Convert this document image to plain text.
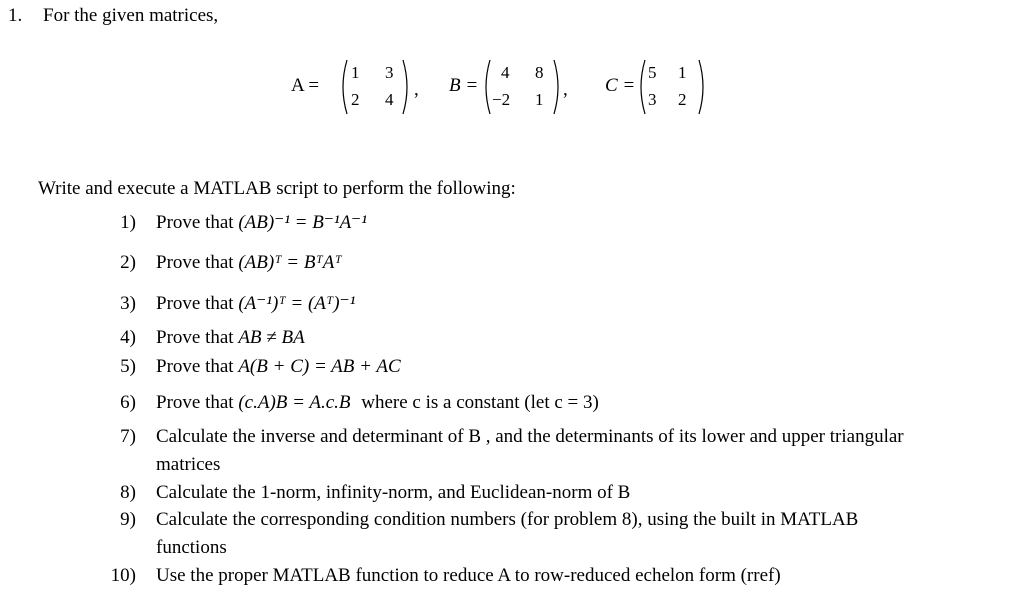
1. For the given matrices,
A =
1 3
2 4 , B =
4 8
−2 1 , C =
5 1
3 2
Write and execute a MATLAB script to perform the following:
1) Prove that (AB)⁻¹ = B⁻¹A⁻¹
2) Prove that (AB)ᵀ = BᵀAᵀ
3) Prove that (A⁻¹)ᵀ = (Aᵀ)⁻¹
4) Prove that AB ≠ BA
5) Prove that A(B + C) = AB + AC
6) Prove that (c.A)B = A.c.B where c is a constant (let c = 3)
7) Calculate the inverse and determinant of B , and the determinants of its lower and upper triangular
matrices
8) Calculate the 1-norm, infinity-norm, and Euclidean-norm of B
9) Calculate the corresponding condition numbers (for problem 8), using the built in MATLAB
functions
10) Use the proper MATLAB function to reduce A to row-reduced echelon form (rref)
